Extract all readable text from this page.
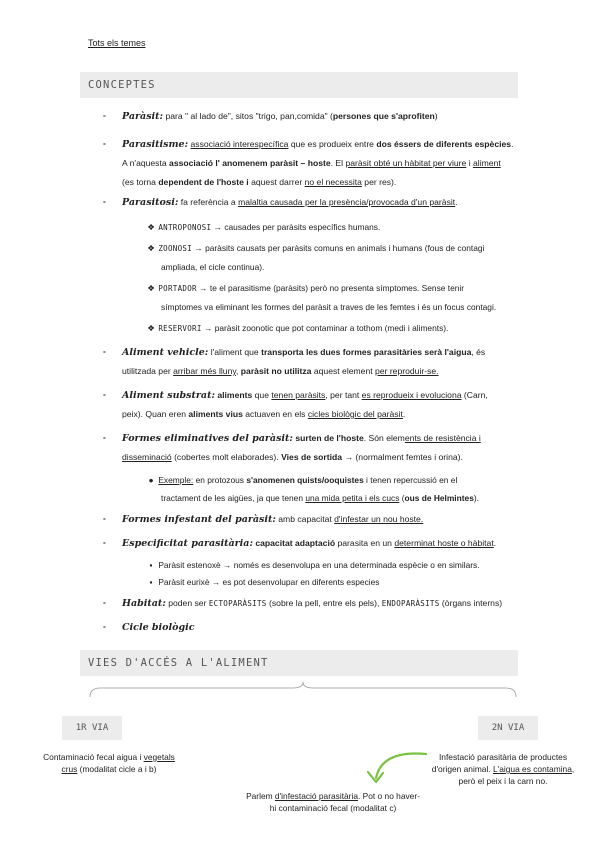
Tots els temes
CONCEPTES
- Paràsit: para " al lado de", sitos "trigo, pan,comida" (persones que s'aprofiten)
- Parasitisme: associació interespecífica que es produeix entre dos éssers de diferents espècies.
A n'aquesta associació l' anomenem paràsit – hoste. El paràsit obté un hàbitat per viure i aliment
(es torna dependent de l'hoste i aquest darrer no el necessita per res).
- Parasitosi: fa referència a malaltia causada per la presència/provocada d'un paràsit.
❖ ANTROPONOSI → causades per paràsits específics humans.
❖ ZOONOSI → paràsits causats per paràsits comuns en animals i humans (fous de contagi
ampliada, el cicle continua).
❖ PORTADOR → te el parasitisme (paràsits) però no presenta símptomes. Sense tenir
símptomes va eliminant les formes del paràsit a traves de les femtes i és un focus contagi.
❖ RESERVORI → paràsit zoonotic que pot contaminar a tothom (medi i aliments).
- Aliment vehicle: l'aliment que transporta les dues formes parasitàries serà l'aigua, és
utilitzada per arribar més lluny, paràsit no utilitza aquest element per reproduir-se.
- Aliment substrat: aliments que tenen paràsits, per tant es reprodueix i evoluciona (Carn,
peix). Quan eren aliments vius actuaven en els cicles biològic del paràsit.
- Formes eliminatives del paràsit: surten de l'hoste. Són elements de resistència i
disseminació (cobertes molt elaborades). Vies de sortida → (normalment femtes i orina).
● Exemple: en protozous s'anomenen quists/ooquistes i tenen repercussió en el
tractament de les aigües, ja que tenen una mida petita i els cucs (ous de Helmintes).
- Formes infestant del paràsit: amb capacitat d'infestar un nou hoste.
- Especificitat parasitària: capacitat adaptació parasita en un determinat hoste o hàbitat.
▪ Paràsit estenoxè → només es desenvolupa en una determinada espècie o en similars.
▪ Paràsit eurixè → es pot desenvolupar en diferents especies
- Habitat: poden ser ECTOPARÀSITS (sobre la pell, entre els pels), ENDOPARÀSITS (òrgans interns)
- Cicle biològic
VIES D'ACCÉS A L'ALIMENT
1R VIA	2N VIA
Contaminació fecal aigua i vegetals
crus (modalitat cicle a i b)
Infestació parasitària de productes
d'origen animal. L'aigua es contamina,
però el peix i la carn no.
Parlem d'infestació parasitària. Pot o no haver-
hi contaminació fecal (modalitat c)
